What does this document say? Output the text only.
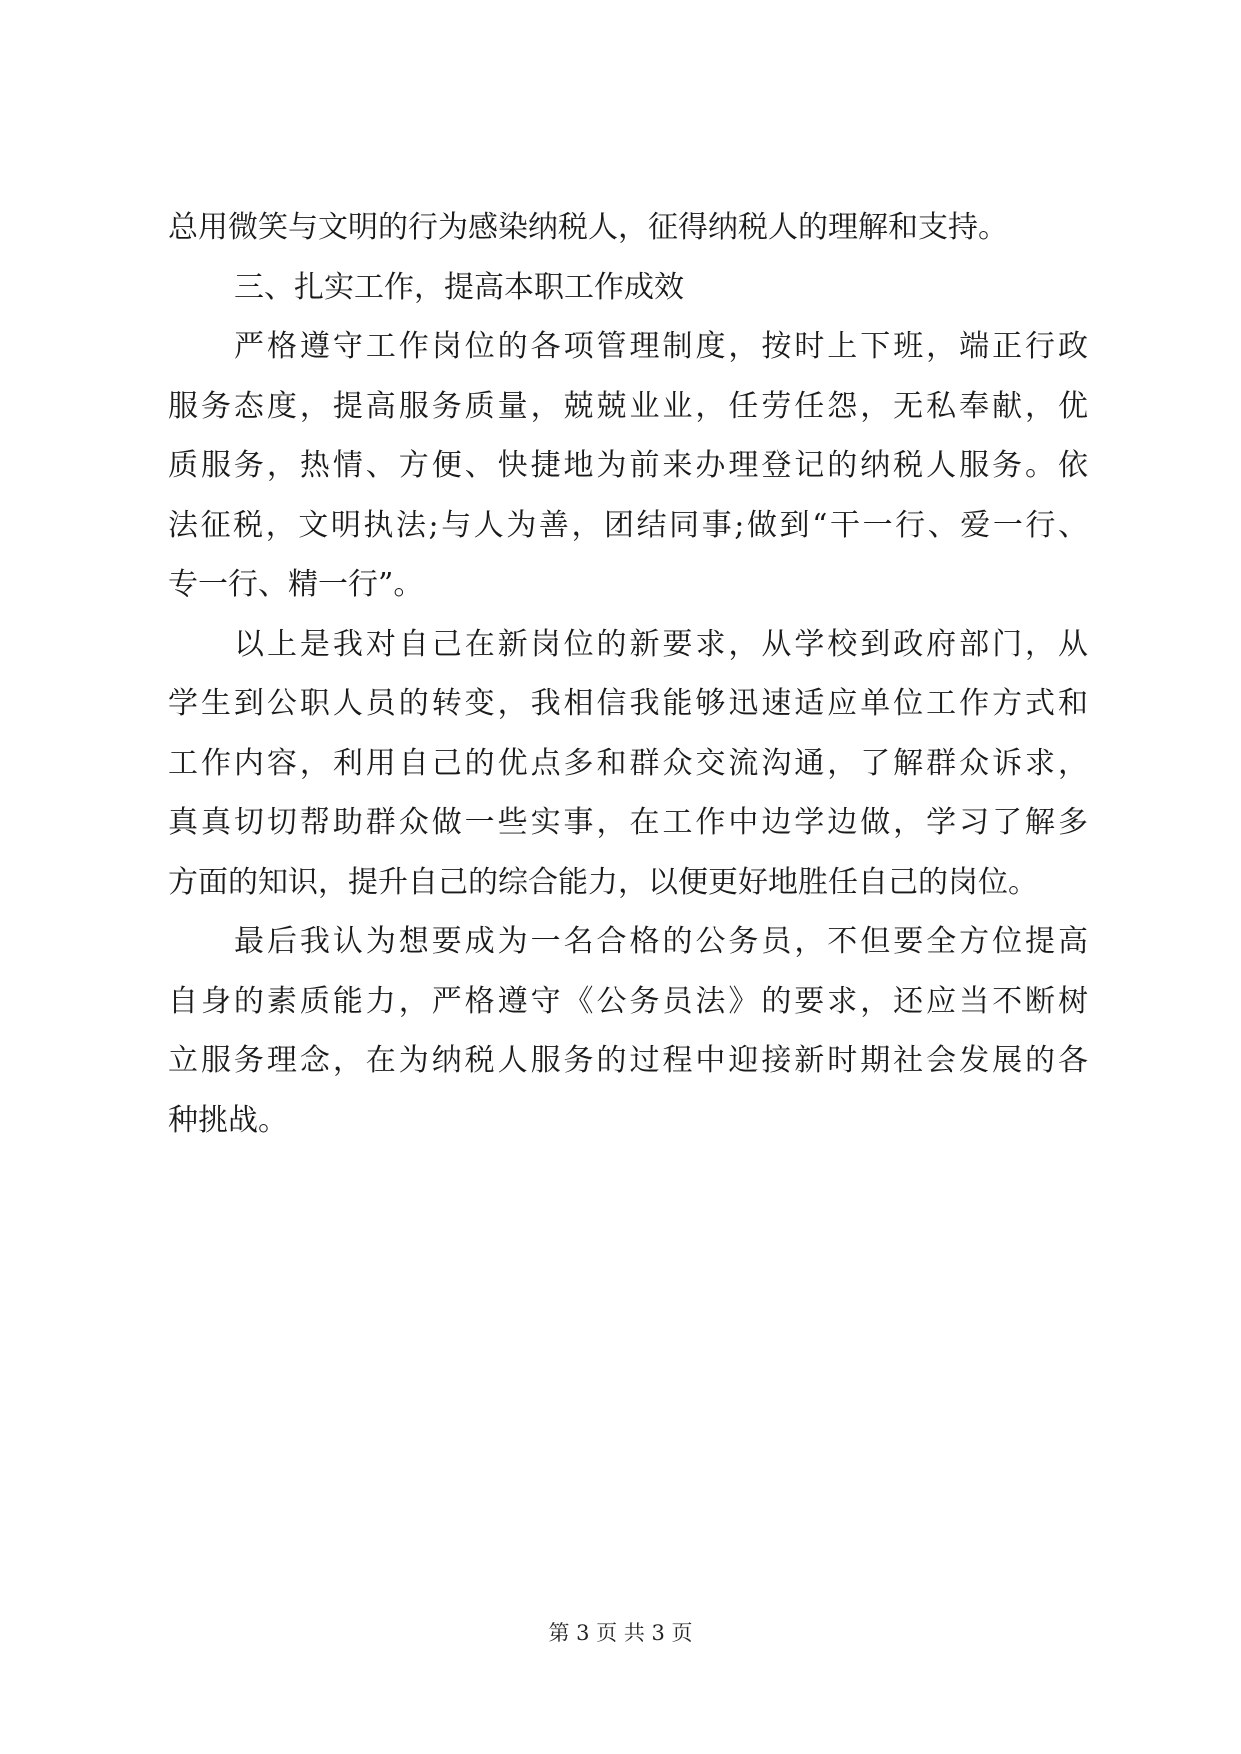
总用微笑与文明的行为感染纳税人，征得纳税人的理解和支持。
三、扎实工作，提高本职工作成效
严格遵守工作岗位的各项管理制度，按时上下班，端正行政
服务态度，提高服务质量，兢兢业业，任劳任怨，无私奉献，优
质服务，热情、方便、快捷地为前来办理登记的纳税人服务。依
法征税，文明执法;与人为善，团结同事;做到“干一行、爱一行、
专一行、精一行”。
以上是我对自己在新岗位的新要求，从学校到政府部门，从
学生到公职人员的转变，我相信我能够迅速适应单位工作方式和
工作内容，利用自己的优点多和群众交流沟通，了解群众诉求，
真真切切帮助群众做一些实事，在工作中边学边做，学习了解多
方面的知识，提升自己的综合能力，以便更好地胜任自己的岗位。
最后我认为想要成为一名合格的公务员，不但要全方位提高
自身的素质能力，严格遵守《公务员法》的要求，还应当不断树
立服务理念，在为纳税人服务的过程中迎接新时期社会发展的各
种挑战。
第 3 页 共 3 页
